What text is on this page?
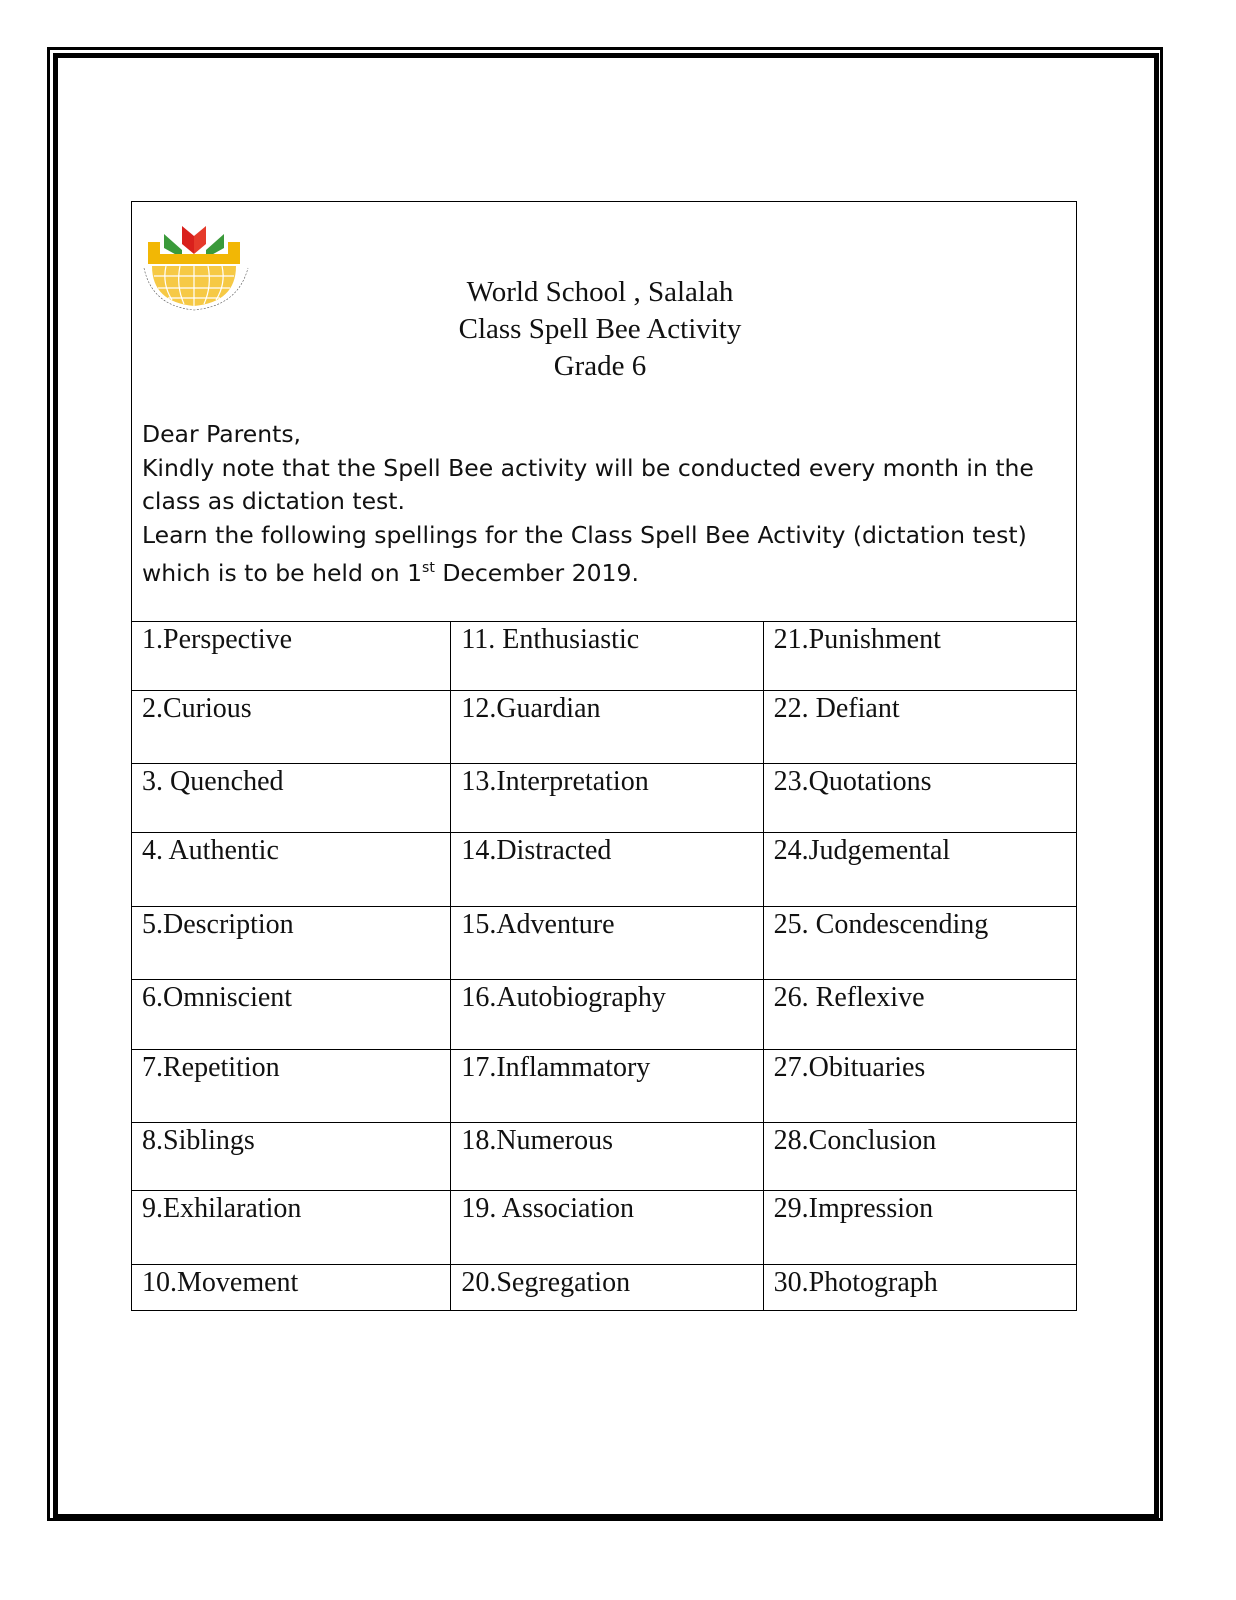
World School , Salalah
Class Spell Bee Activity
Grade 6

Dear Parents,

Kindly note that the Spell Bee activity will be conducted every month in the class as dictation test.

Learn the following spellings for the Class Spell Bee Activity (dictation test) which is to be held on 1st December 2019.

1.Perspective	11. Enthusiastic	21.Punishment
2.Curious	12.Guardian	22. Defiant
3. Quenched	13.Interpretation	23.Quotations
4. Authentic	14.Distracted	24.Judgemental
5.Description	15.Adventure	25. Condescending
6.Omniscient	16.Autobiography	26. Reflexive
7.Repetition	17.Inflammatory	27.Obituaries
8.Siblings	18.Numerous	28.Conclusion
9.Exhilaration	19. Association	29.Impression
10.Movement	20.Segregation	30.Photograph
